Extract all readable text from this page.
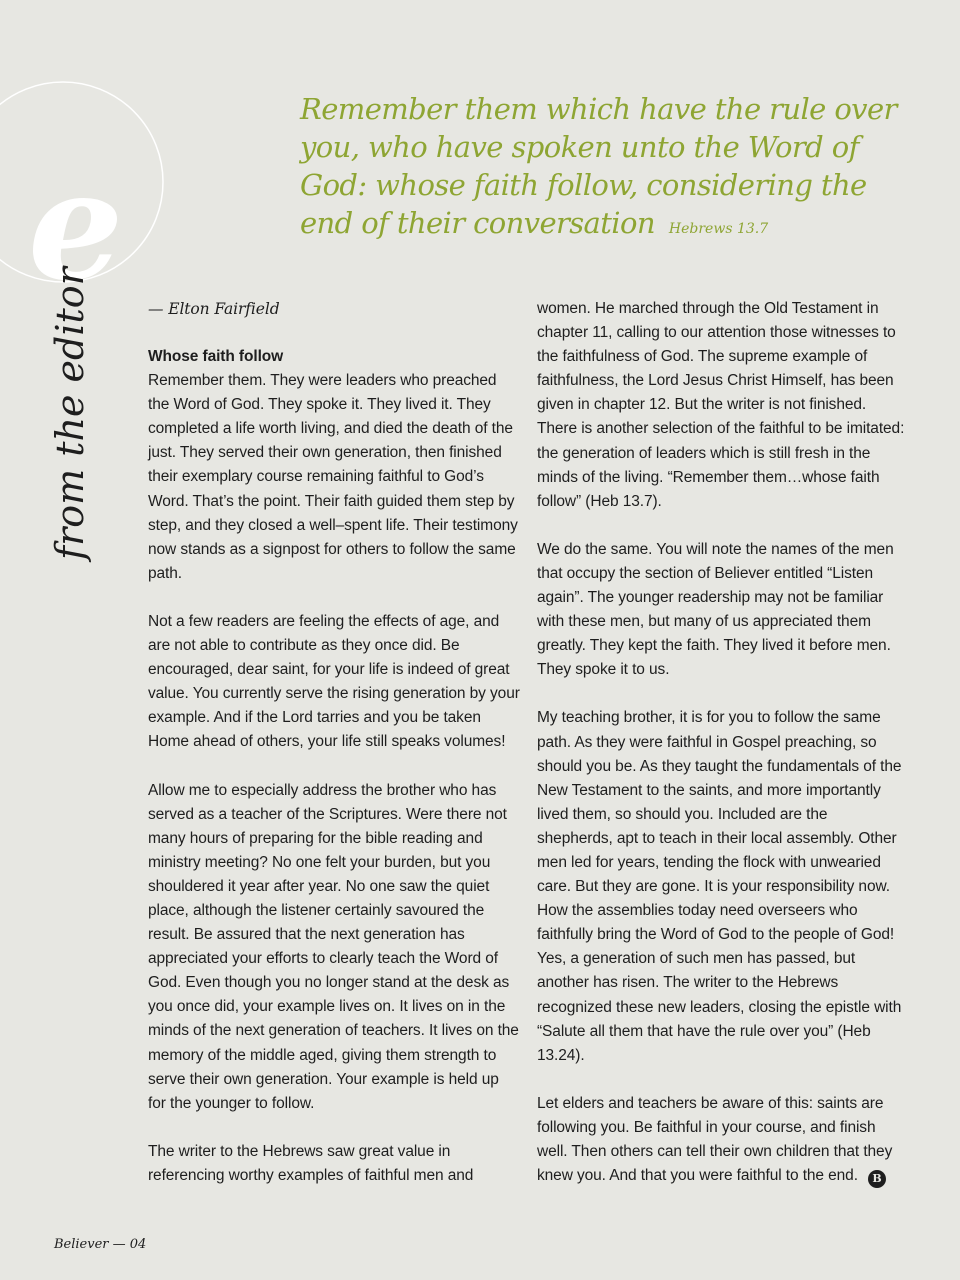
e
Remember them which have the rule over you, who have spoken unto the Word of God: whose faith follow, considering the end of their conversation Hebrews 13.7
from the editor	— Elton Fairfield

Whose faith follow
Remember them. They were leaders who preached the Word of God. They spoke it. They lived it. They completed a life worth living, and died the death of the just. They served their own generation, then finished their exemplary course remaining faithful to God’s Word. That’s the point. Their faith guided them step by step, and they closed a well–spent life. Their testimony now stands as a signpost for others to follow the same path.

Not a few readers are feeling the effects of age, and are not able to contribute as they once did. Be encouraged, dear saint, for your life is indeed of great value. You currently serve the rising generation by your example. And if the Lord tarries and you be taken Home ahead of others, your life still speaks volumes!

Allow me to especially address the brother who has served as a teacher of the Scriptures. Were there not many hours of preparing for the bible reading and ministry meeting? No one felt your burden, but you shouldered it year after year. No one saw the quiet place, although the listener certainly savoured the result. Be assured that the next generation has appreciated your efforts to clearly teach the Word of God. Even though you no longer stand at the desk as you once did, your example lives on. It lives on in the minds of the next generation of teachers. It lives on the memory of the middle aged, giving them strength to serve their own generation. Your example is held up for the younger to follow.

The writer to the Hebrews saw great value in referencing worthy examples of faithful men and

women. He marched through the Old Testament in chapter 11, calling to our attention those witnesses to the faithfulness of God. The supreme example of faithfulness, the Lord Jesus Christ Himself, has been given in chapter 12. But the writer is not finished. There is another selection of the faithful to be imitated: the generation of leaders which is still fresh in the minds of the living. “Remember them…whose faith follow” (Heb 13.7).

We do the same. You will note the names of the men that occupy the section of Believer entitled “Listen again”. The younger readership may not be familiar with these men, but many of us appreciated them greatly. They kept the faith. They lived it before men. They spoke it to us.

My teaching brother, it is for you to follow the same path. As they were faithful in Gospel preaching, so should you be. As they taught the fundamentals of the New Testament to the saints, and more importantly lived them, so should you. Included are the shepherds, apt to teach in their local assembly. Other men led for years, tending the flock with unwearied care. But they are gone. It is your responsibility now. How the assemblies today need overseers who faithfully bring the Word of God to the people of God! Yes, a generation of such men has passed, but another has risen. The writer to the Hebrews recognized these new leaders, closing the epistle with “Salute all them that have the rule over you” (Heb 13.24).

Let elders and teachers be aware of this: saints are following you. Be faithful in your course, and finish well. Then others can tell their own children that they knew you. And that you were faithful to the end. B

Believer — 04
